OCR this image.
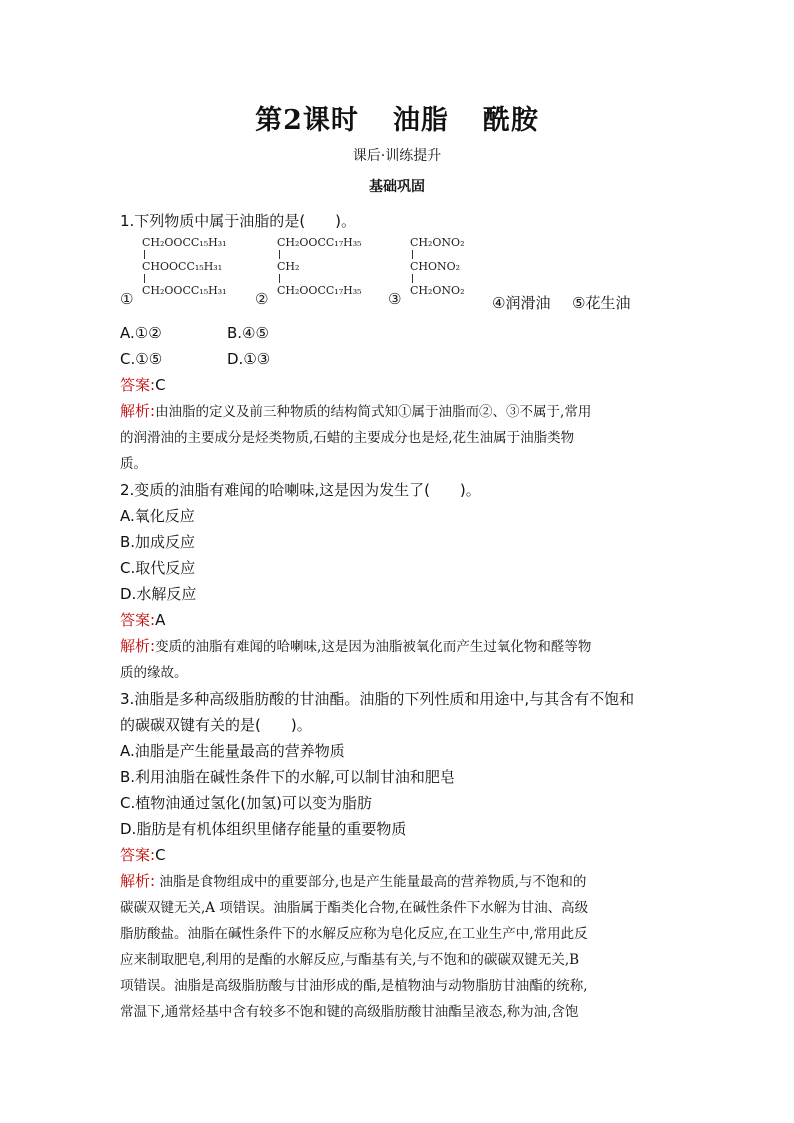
第2课时 油脂 酰胺
课后·训练提升
基础巩固
1.下列物质中属于油脂的是(　　)。
CH₂OOCC₁₅H₃₁
CHOOCC₁₅H₃₁
CH₂OOCC₁₅H₃₁
①
CH₂OOCC₁₇H₃₅
CH₂
CH₂OOCC₁₇H₃₅
②
CH₂ONO₂
CHONO₂
CH₂ONO₂
③	④润滑油 ⑤花生油
A.①②	B.④⑤
C.①⑤	D.①③
答案:C
解析:由油脂的定义及前三种物质的结构简式知①属于油脂而②、③不属于,常用
的润滑油的主要成分是烃类物质,石蜡的主要成分也是烃,花生油属于油脂类物
质。
2.变质的油脂有难闻的哈喇味,这是因为发生了(　　)。
A.氧化反应
B.加成反应
C.取代反应
D.水解反应
答案:A
解析:变质的油脂有难闻的哈喇味,这是因为油脂被氧化而产生过氧化物和醛等物
质的缘故。
3.油脂是多种高级脂肪酸的甘油酯。油脂的下列性质和用途中,与其含有不饱和
的碳碳双键有关的是(　　)。
A.油脂是产生能量最高的营养物质
B.利用油脂在碱性条件下的水解,可以制甘油和肥皂
C.植物油通过氢化(加氢)可以变为脂肪
D.脂肪是有机体组织里储存能量的重要物质
答案:C
解析: 油脂是食物组成中的重要部分,也是产生能量最高的营养物质,与不饱和的
碳碳双键无关,A 项错误。油脂属于酯类化合物,在碱性条件下水解为甘油、高级
脂肪酸盐。油脂在碱性条件下的水解反应称为皂化反应,在工业生产中,常用此反
应来制取肥皂,利用的是酯的水解反应,与酯基有关,与不饱和的碳碳双键无关,B
项错误。油脂是高级脂肪酸与甘油形成的酯,是植物油与动物脂肪甘油酯的统称,
常温下,通常烃基中含有较多不饱和键的高级脂肪酸甘油酯呈液态,称为油,含饱
